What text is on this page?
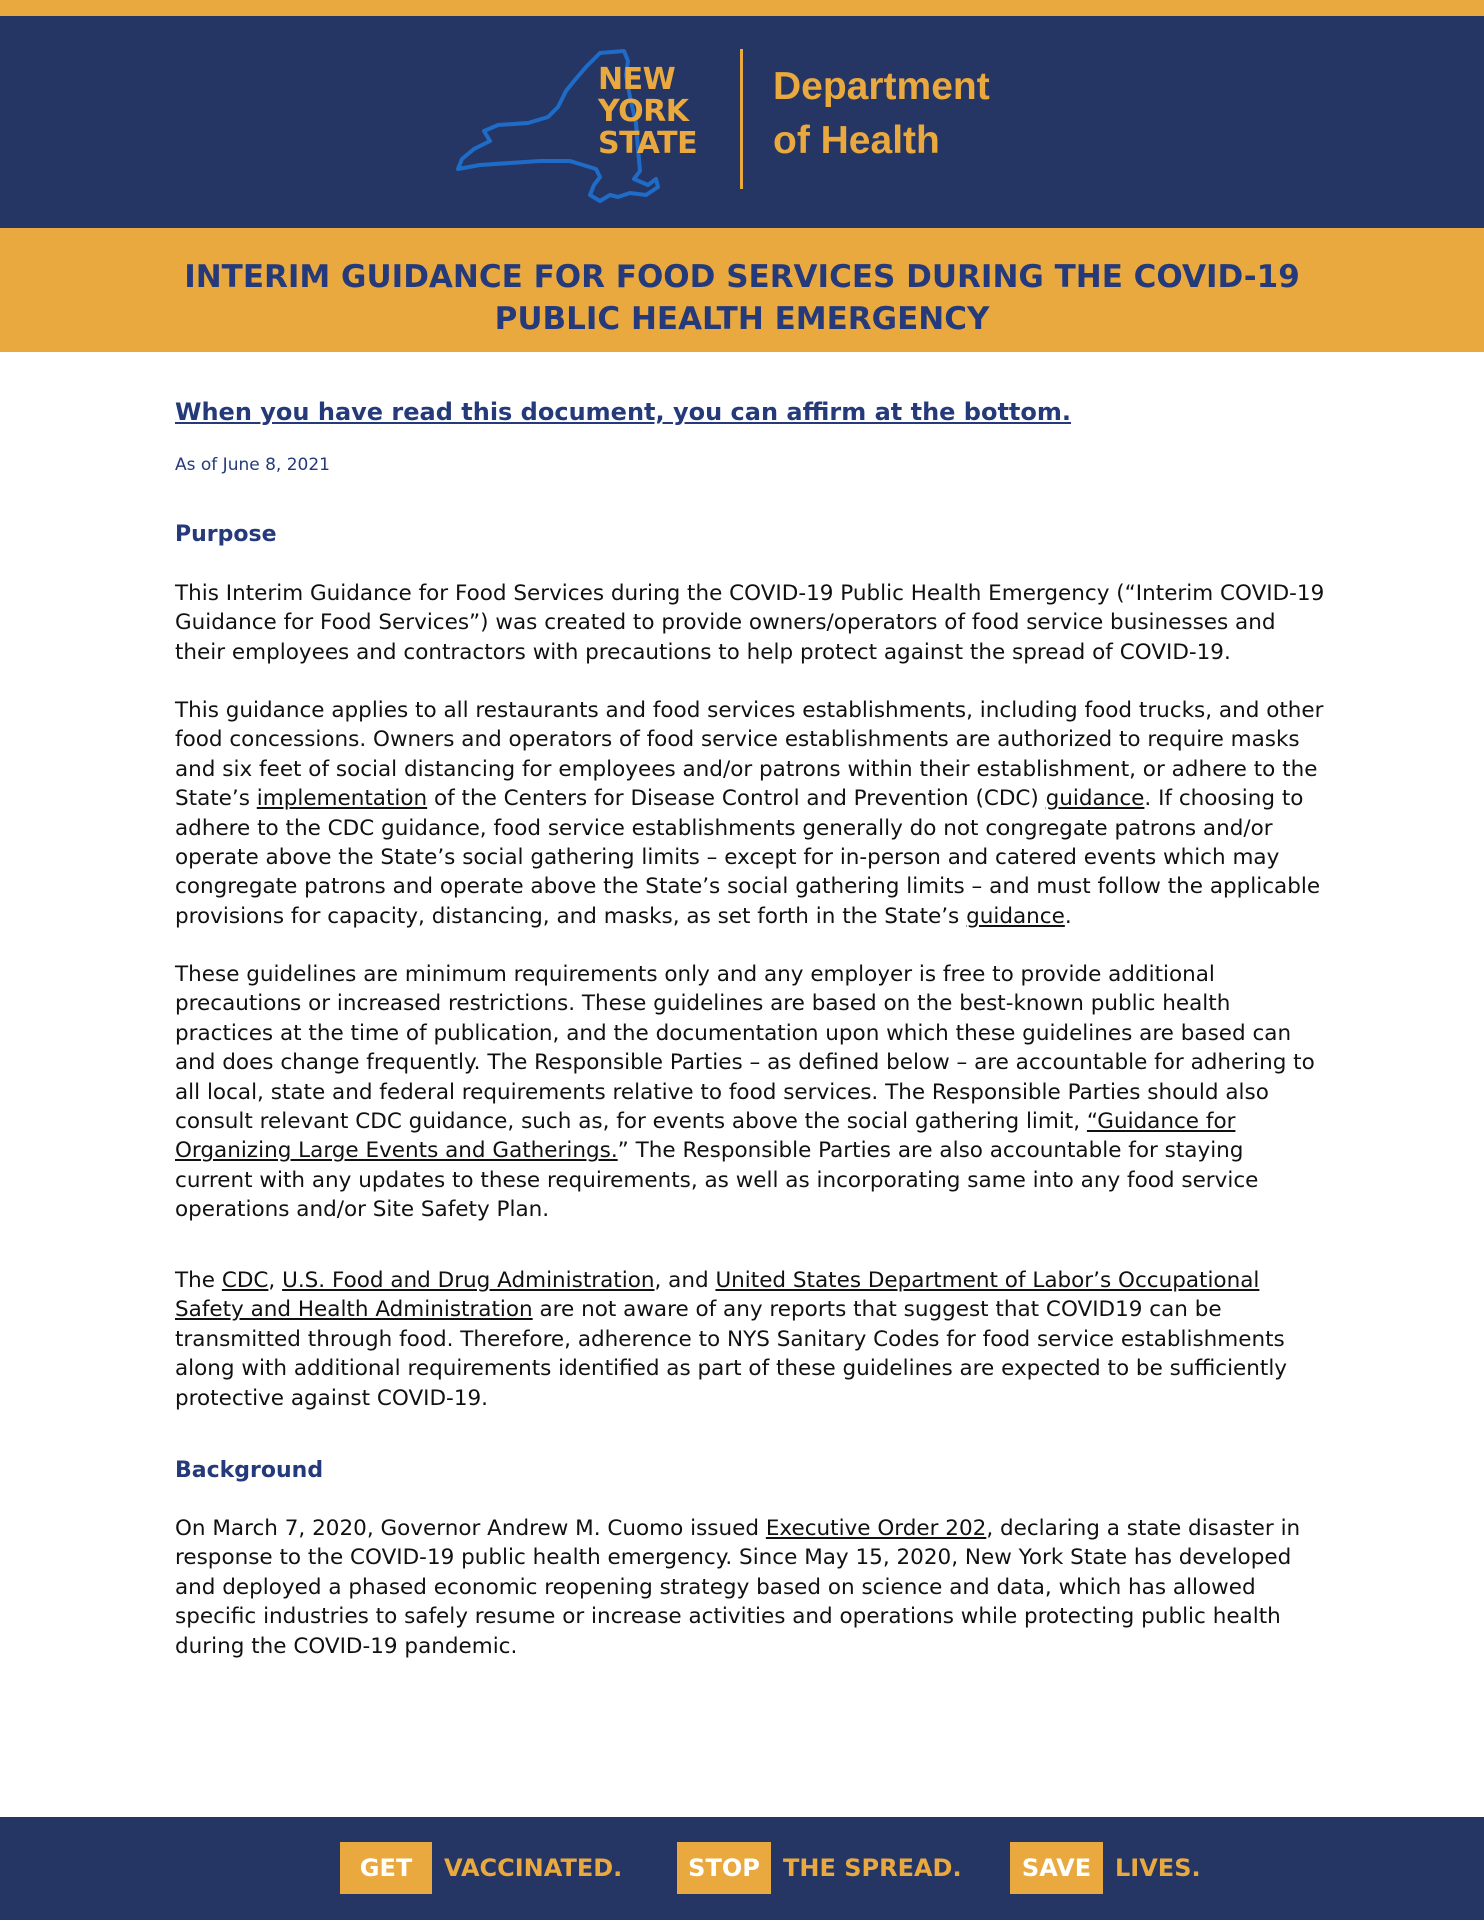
NEW
YORK
STATE
Department
of Health
INTERIM GUIDANCE FOR FOOD SERVICES DURING THE COVID-19
PUBLIC HEALTH EMERGENCY
When you have read this document, you can affirm at the bottom.

As of June 8, 2021

Purpose

This Interim Guidance for Food Services during the COVID-19 Public Health Emergency (“Interim COVID-19 Guidance for Food Services”) was created to provide owners/operators of food service businesses and their employees and contractors with precautions to help protect against the spread of COVID-19.

This guidance applies to all restaurants and food services establishments, including food trucks, and other food concessions. Owners and operators of food service establishments are authorized to require masks and six feet of social distancing for employees and/or patrons within their establishment, or adhere to the State’s implementation of the Centers for Disease Control and Prevention (CDC) guidance. If choosing to adhere to the CDC guidance, food service establishments generally do not congregate patrons and/or operate above the State’s social gathering limits – except for in-person and catered events which may congregate patrons and operate above the State’s social gathering limits – and must follow the applicable provisions for capacity, distancing, and masks, as set forth in the State’s guidance.

These guidelines are minimum requirements only and any employer is free to provide additional precautions or increased restrictions. These guidelines are based on the best-known public health practices at the time of publication, and the documentation upon which these guidelines are based can and does change frequently. The Responsible Parties – as defined below – are accountable for adhering to all local, state and federal requirements relative to food services. The Responsible Parties should also consult relevant CDC guidance, such as, for events above the social gathering limit, “Guidance for Organizing Large Events and Gatherings.” The Responsible Parties are also accountable for staying current with any updates to these requirements, as well as incorporating same into any food service operations and/or Site Safety Plan.

The CDC, U.S. Food and Drug Administration, and United States Department of Labor’s Occupational Safety and Health Administration are not aware of any reports that suggest that COVID19 can be transmitted through food. Therefore, adherence to NYS Sanitary Codes for food service establishments along with additional requirements identified as part of these guidelines are expected to be sufficiently protective against COVID-19.

Background

On March 7, 2020, Governor Andrew M. Cuomo issued Executive Order 202, declaring a state disaster in response to the COVID-19 public health emergency. Since May 15, 2020, New York State has developed and deployed a phased economic reopening strategy based on science and data, which has allowed specific industries to safely resume or increase activities and operations while protecting public health during the COVID-19 pandemic.

GET	VACCINATED.	STOP THE SPREAD.	SAVE LIVES.
